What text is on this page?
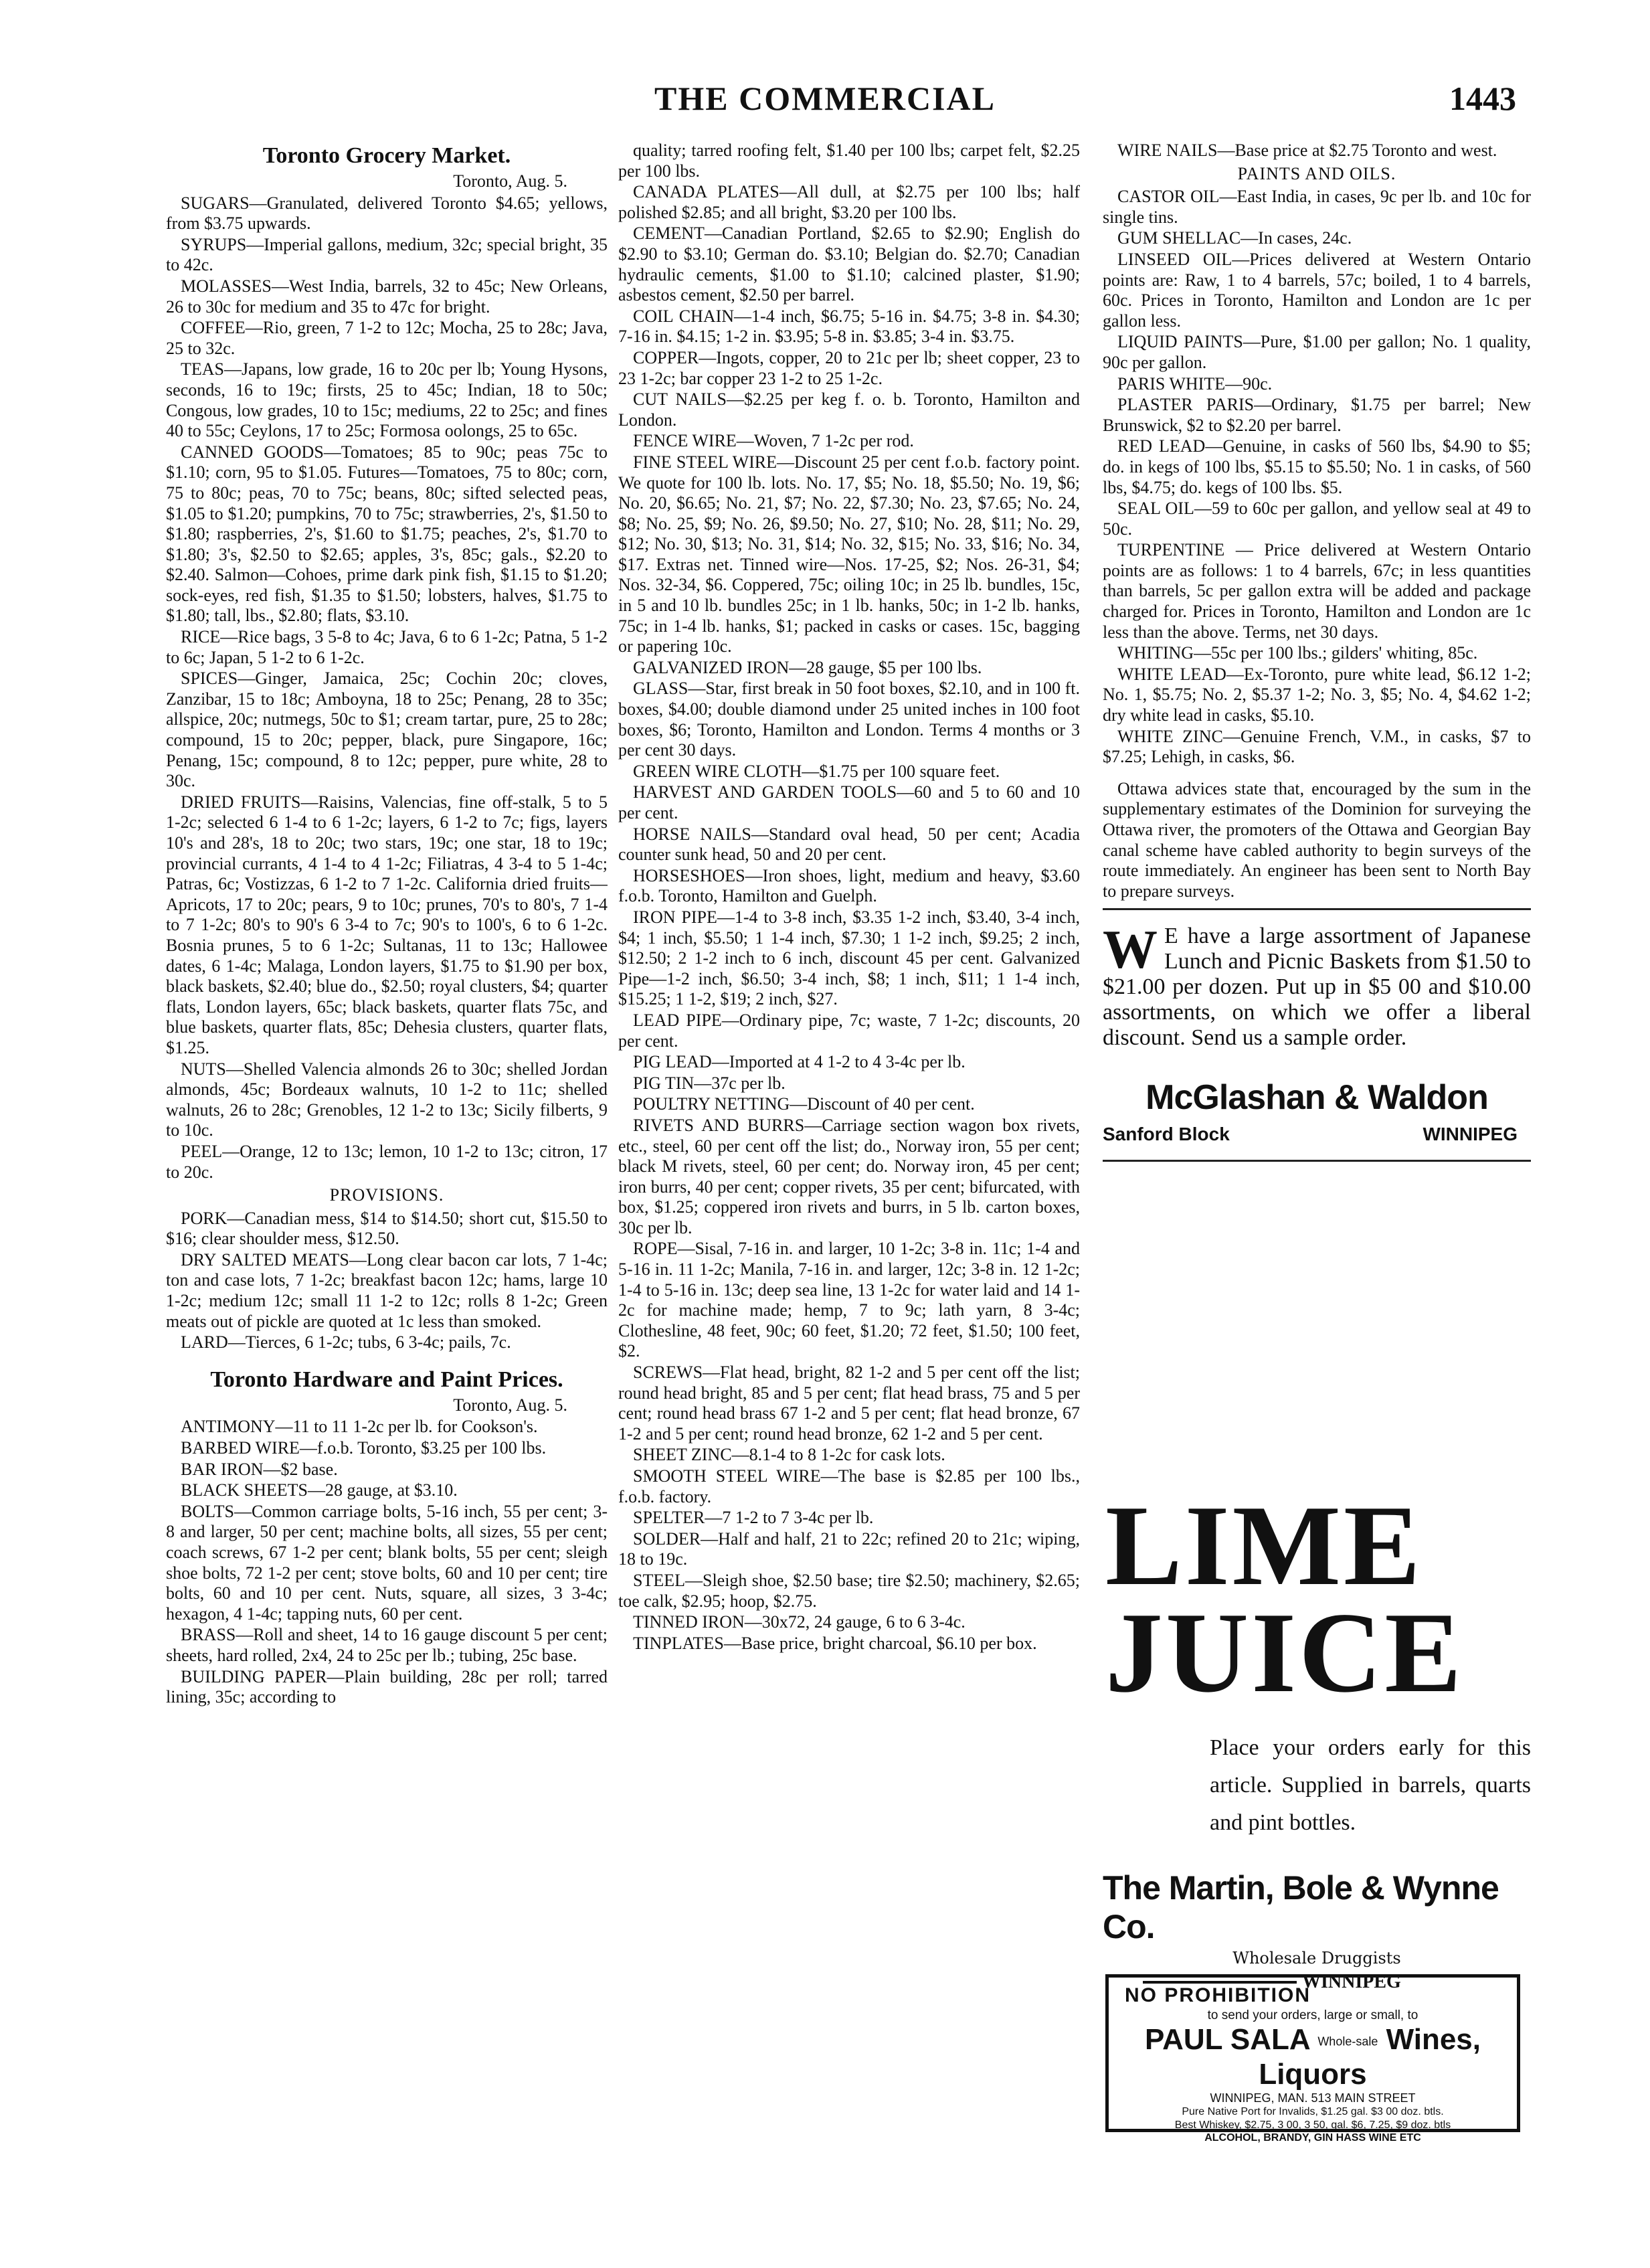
THE COMMERCIAL	1443
Toronto Grocery Market.
Toronto, Aug. 5.

SUGARS—Granulated, delivered Toronto $4.65; yellows, from $3.75 upwards.

SYRUPS—Imperial gallons, medium, 32c; special bright, 35 to 42c.

MOLASSES—West India, barrels, 32 to 45c; New Orleans, 26 to 30c for medium and 35 to 47c for bright.

COFFEE—Rio, green, 7 1-2 to 12c; Mocha, 25 to 28c; Java, 25 to 32c.

TEAS—Japans, low grade, 16 to 20c per lb; Young Hysons, seconds, 16 to 19c; firsts, 25 to 45c; Indian, 18 to 50c; Congous, low grades, 10 to 15c; mediums, 22 to 25c; and fines 40 to 55c; Ceylons, 17 to 25c; Formosa oolongs, 25 to 65c.

CANNED GOODS—Tomatoes; 85 to 90c; peas 75c to $1.10; corn, 95 to $1.05. Futures—Tomatoes, 75 to 80c; corn, 75 to 80c; peas, 70 to 75c; beans, 80c; sifted selected peas, $1.05 to $1.20; pumpkins, 70 to 75c; strawberries, 2's, $1.50 to $1.80; raspberries, 2's, $1.60 to $1.75; peaches, 2's, $1.70 to $1.80; 3's, $2.50 to $2.65; apples, 3's, 85c; gals., $2.20 to $2.40. Salmon—Cohoes, prime dark pink fish, $1.15 to $1.20; sock-eyes, red fish, $1.35 to $1.50; lobsters, halves, $1.75 to $1.80; tall, lbs., $2.80; flats, $3.10.

RICE—Rice bags, 3 5-8 to 4c; Java, 6 to 6 1-2c; Patna, 5 1-2 to 6c; Japan, 5 1-2 to 6 1-2c.

SPICES—Ginger, Jamaica, 25c; Cochin 20c; cloves, Zanzibar, 15 to 18c; Amboyna, 18 to 25c; Penang, 28 to 35c; allspice, 20c; nutmegs, 50c to $1; cream tartar, pure, 25 to 28c; compound, 15 to 20c; pepper, black, pure Singapore, 16c; Penang, 15c; compound, 8 to 12c; pepper, pure white, 28 to 30c.

DRIED FRUITS—Raisins, Valencias, fine off-stalk, 5 to 5 1-2c; selected 6 1-4 to 6 1-2c; layers, 6 1-2 to 7c; figs, layers 10's and 28's, 18 to 20c; two stars, 19c; one star, 18 to 19c; provincial currants, 4 1-4 to 4 1-2c; Filiatras, 4 3-4 to 5 1-4c; Patras, 6c; Vostizzas, 6 1-2 to 7 1-2c. California dried fruits—Apricots, 17 to 20c; pears, 9 to 10c; prunes, 70's to 80's, 7 1-4 to 7 1-2c; 80's to 90's 6 3-4 to 7c; 90's to 100's, 6 to 6 1-2c. Bosnia prunes, 5 to 6 1-2c; Sultanas, 11 to 13c; Hallowee dates, 6 1-4c; Malaga, London layers, $1.75 to $1.90 per box, black baskets, $2.40; blue do., $2.50; royal clusters, $4; quarter flats, London layers, 65c; black baskets, quarter flats 75c, and blue baskets, quarter flats, 85c; Dehesia clusters, quarter flats, $1.25.

NUTS—Shelled Valencia almonds 26 to 30c; shelled Jordan almonds, 45c; Bordeaux walnuts, 10 1-2 to 11c; shelled walnuts, 26 to 28c; Grenobles, 12 1-2 to 13c; Sicily filberts, 9 to 10c.

PEEL—Orange, 12 to 13c; lemon, 10 1-2 to 13c; citron, 17 to 20c.

PROVISIONS.

PORK—Canadian mess, $14 to $14.50; short cut, $15.50 to $16; clear shoulder mess, $12.50.

DRY SALTED MEATS—Long clear bacon car lots, 7 1-4c; ton and case lots, 7 1-2c; breakfast bacon 12c; hams, large 10 1-2c; medium 12c; small 11 1-2 to 12c; rolls 8 1-2c; Green meats out of pickle are quoted at 1c less than smoked.

LARD—Tierces, 6 1-2c; tubs, 6 3-4c; pails, 7c.

Toronto Hardware and Paint Prices.
Toronto, Aug. 5.

ANTIMONY—11 to 11 1-2c per lb. for Cookson's.

BARBED WIRE—f.o.b. Toronto, $3.25 per 100 lbs.

BAR IRON—$2 base.

BLACK SHEETS—28 gauge, at $3.10.

BOLTS—Common carriage bolts, 5-16 inch, 55 per cent; 3-8 and larger, 50 per cent; machine bolts, all sizes, 55 per cent; coach screws, 67 1-2 per cent; blank bolts, 55 per cent; sleigh shoe bolts, 72 1-2 per cent; stove bolts, 60 and 10 per cent; tire bolts, 60 and 10 per cent. Nuts, square, all sizes, 3 3-4c; hexagon, 4 1-4c; tapping nuts, 60 per cent.

BRASS—Roll and sheet, 14 to 16 gauge discount 5 per cent; sheets, hard rolled, 2x4, 24 to 25c per lb.; tubing, 25c base.

BUILDING PAPER—Plain building, 28c per roll; tarred lining, 35c; according to

quality; tarred roofing felt, $1.40 per 100 lbs; carpet felt, $2.25 per 100 lbs.

CANADA PLATES—All dull, at $2.75 per 100 lbs; half polished $2.85; and all bright, $3.20 per 100 lbs.

CEMENT—Canadian Portland, $2.65 to $2.90; English do $2.90 to $3.10; German do. $3.10; Belgian do. $2.70; Canadian hydraulic cements, $1.00 to $1.10; calcined plaster, $1.90; asbestos cement, $2.50 per barrel.

COIL CHAIN—1-4 inch, $6.75; 5-16 in. $4.75; 3-8 in. $4.30; 7-16 in. $4.15; 1-2 in. $3.95; 5-8 in. $3.85; 3-4 in. $3.75.

COPPER—Ingots, copper, 20 to 21c per lb; sheet copper, 23 to 23 1-2c; bar copper 23 1-2 to 25 1-2c.

CUT NAILS—$2.25 per keg f. o. b. Toronto, Hamilton and London.

FENCE WIRE—Woven, 7 1-2c per rod.

FINE STEEL WIRE—Discount 25 per cent f.o.b. factory point. We quote for 100 lb. lots. No. 17, $5; No. 18, $5.50; No. 19, $6; No. 20, $6.65; No. 21, $7; No. 22, $7.30; No. 23, $7.65; No. 24, $8; No. 25, $9; No. 26, $9.50; No. 27, $10; No. 28, $11; No. 29, $12; No. 30, $13; No. 31, $14; No. 32, $15; No. 33, $16; No. 34, $17. Extras net. Tinned wire—Nos. 17-25, $2; Nos. 26-31, $4; Nos. 32-34, $6. Coppered, 75c; oiling 10c; in 25 lb. bundles, 15c, in 5 and 10 lb. bundles 25c; in 1 lb. hanks, 50c; in 1-2 lb. hanks, 75c; in 1-4 lb. hanks, $1; packed in casks or cases. 15c, bagging or papering 10c.

GALVANIZED IRON—28 gauge, $5 per 100 lbs.

GLASS—Star, first break in 50 foot boxes, $2.10, and in 100 ft. boxes, $4.00; double diamond under 25 united inches in 100 foot boxes, $6; Toronto, Hamilton and London. Terms 4 months or 3 per cent 30 days.

GREEN WIRE CLOTH—$1.75 per 100 square feet.

HARVEST AND GARDEN TOOLS—60 and 5 to 60 and 10 per cent.

HORSE NAILS—Standard oval head, 50 per cent; Acadia counter sunk head, 50 and 20 per cent.

HORSESHOES—Iron shoes, light, medium and heavy, $3.60 f.o.b. Toronto, Hamilton and Guelph.

IRON PIPE—1-4 to 3-8 inch, $3.35 1-2 inch, $3.40, 3-4 inch, $4; 1 inch, $5.50; 1 1-4 inch, $7.30; 1 1-2 inch, $9.25; 2 inch, $12.50; 2 1-2 inch to 6 inch, discount 45 per cent. Galvanized Pipe—1-2 inch, $6.50; 3-4 inch, $8; 1 inch, $11; 1 1-4 inch, $15.25; 1 1-2, $19; 2 inch, $27.

LEAD PIPE—Ordinary pipe, 7c; waste, 7 1-2c; discounts, 20 per cent.

PIG LEAD—Imported at 4 1-2 to 4 3-4c per lb.

PIG TIN—37c per lb.

POULTRY NETTING—Discount of 40 per cent.

RIVETS AND BURRS—Carriage section wagon box rivets, etc., steel, 60 per cent off the list; do., Norway iron, 55 per cent; black M rivets, steel, 60 per cent; do. Norway iron, 45 per cent; iron burrs, 40 per cent; copper rivets, 35 per cent; bifurcated, with box, $1.25; coppered iron rivets and burrs, in 5 lb. carton boxes, 30c per lb.

ROPE—Sisal, 7-16 in. and larger, 10 1-2c; 3-8 in. 11c; 1-4 and 5-16 in. 11 1-2c; Manila, 7-16 in. and larger, 12c; 3-8 in. 12 1-2c; 1-4 to 5-16 in. 13c; deep sea line, 13 1-2c for water laid and 14 1-2c for machine made; hemp, 7 to 9c; lath yarn, 8 3-4c; Clothesline, 48 feet, 90c; 60 feet, $1.20; 72 feet, $1.50; 100 feet, $2.

SCREWS—Flat head, bright, 82 1-2 and 5 per cent off the list; round head bright, 85 and 5 per cent; flat head brass, 75 and 5 per cent; round head brass 67 1-2 and 5 per cent; flat head bronze, 67 1-2 and 5 per cent; round head bronze, 62 1-2 and 5 per cent.

SHEET ZINC—8.1-4 to 8 1-2c for cask lots.

SMOOTH STEEL WIRE—The base is $2.85 per 100 lbs., f.o.b. factory.

SPELTER—7 1-2 to 7 3-4c per lb.

SOLDER—Half and half, 21 to 22c; refined 20 to 21c; wiping, 18 to 19c.

STEEL—Sleigh shoe, $2.50 base; tire $2.50; machinery, $2.65; toe calk, $2.95; hoop, $2.75.

TINNED IRON—30x72, 24 gauge, 6 to 6 3-4c.

TINPLATES—Base price, bright charcoal, $6.10 per box.

WIRE NAILS—Base price at $2.75 Toronto and west.

PAINTS AND OILS.

CASTOR OIL—East India, in cases, 9c per lb. and 10c for single tins.

GUM SHELLAC—In cases, 24c.

LINSEED OIL—Prices delivered at Western Ontario points are: Raw, 1 to 4 barrels, 57c; boiled, 1 to 4 barrels, 60c. Prices in Toronto, Hamilton and London are 1c per gallon less.

LIQUID PAINTS—Pure, $1.00 per gallon; No. 1 quality, 90c per gallon.

PARIS WHITE—90c.

PLASTER PARIS—Ordinary, $1.75 per barrel; New Brunswick, $2 to $2.20 per barrel.

RED LEAD—Genuine, in casks of 560 lbs, $4.90 to $5; do. in kegs of 100 lbs, $5.15 to $5.50; No. 1 in casks, of 560 lbs, $4.75; do. kegs of 100 lbs. $5.

SEAL OIL—59 to 60c per gallon, and yellow seal at 49 to 50c.

TURPENTINE — Price delivered at Western Ontario points are as follows: 1 to 4 barrels, 67c; in less quantities than barrels, 5c per gallon extra will be added and package charged for. Prices in Toronto, Hamilton and London are 1c less than the above. Terms, net 30 days.

WHITING—55c per 100 lbs.; gilders' whiting, 85c.

WHITE LEAD—Ex-Toronto, pure white lead, $6.12 1-2; No. 1, $5.75; No. 2, $5.37 1-2; No. 3, $5; No. 4, $4.62 1-2; dry white lead in casks, $5.10.

WHITE ZINC—Genuine French, V.M., in casks, $7 to $7.25; Lehigh, in casks, $6.

Ottawa advices state that, encouraged by the sum in the supplementary estimates of the Dominion for surveying the Ottawa river, the promoters of the Ottawa and Georgian Bay canal scheme have cabled authority to begin surveys of the route immediately. An engineer has been sent to North Bay to prepare surveys.

W E have a large assortment of Japanese Lunch and Picnic Baskets from $1.50 to $21.00 per dozen. Put up in $5 00 and $10.00 assortments, on which we offer a liberal discount. Send us a sample order.
McGlashan & Waldon
Sanford Block	WINNIPEG
LIME
JUICE
Place your orders early for this article. Supplied in barrels, quarts and pint bottles.
The Martin, Bole & Wynne Co.
Wholesale Druggists
WINNIPEG
NO PROHIBITION
to send your orders, large or small, to
PAUL SALA Whole-sale Wines, Liquors
WINNIPEG, MAN. 513 MAIN STREET
Pure Native Port for Invalids, $1.25 gal. $3 00 doz. btls.
Best Whiskey, $2.75, 3 00, 3 50, gal. $6, 7.25, $9 doz. btls
ALCOHOL, BRANDY, GIN HASS WINE ETC
